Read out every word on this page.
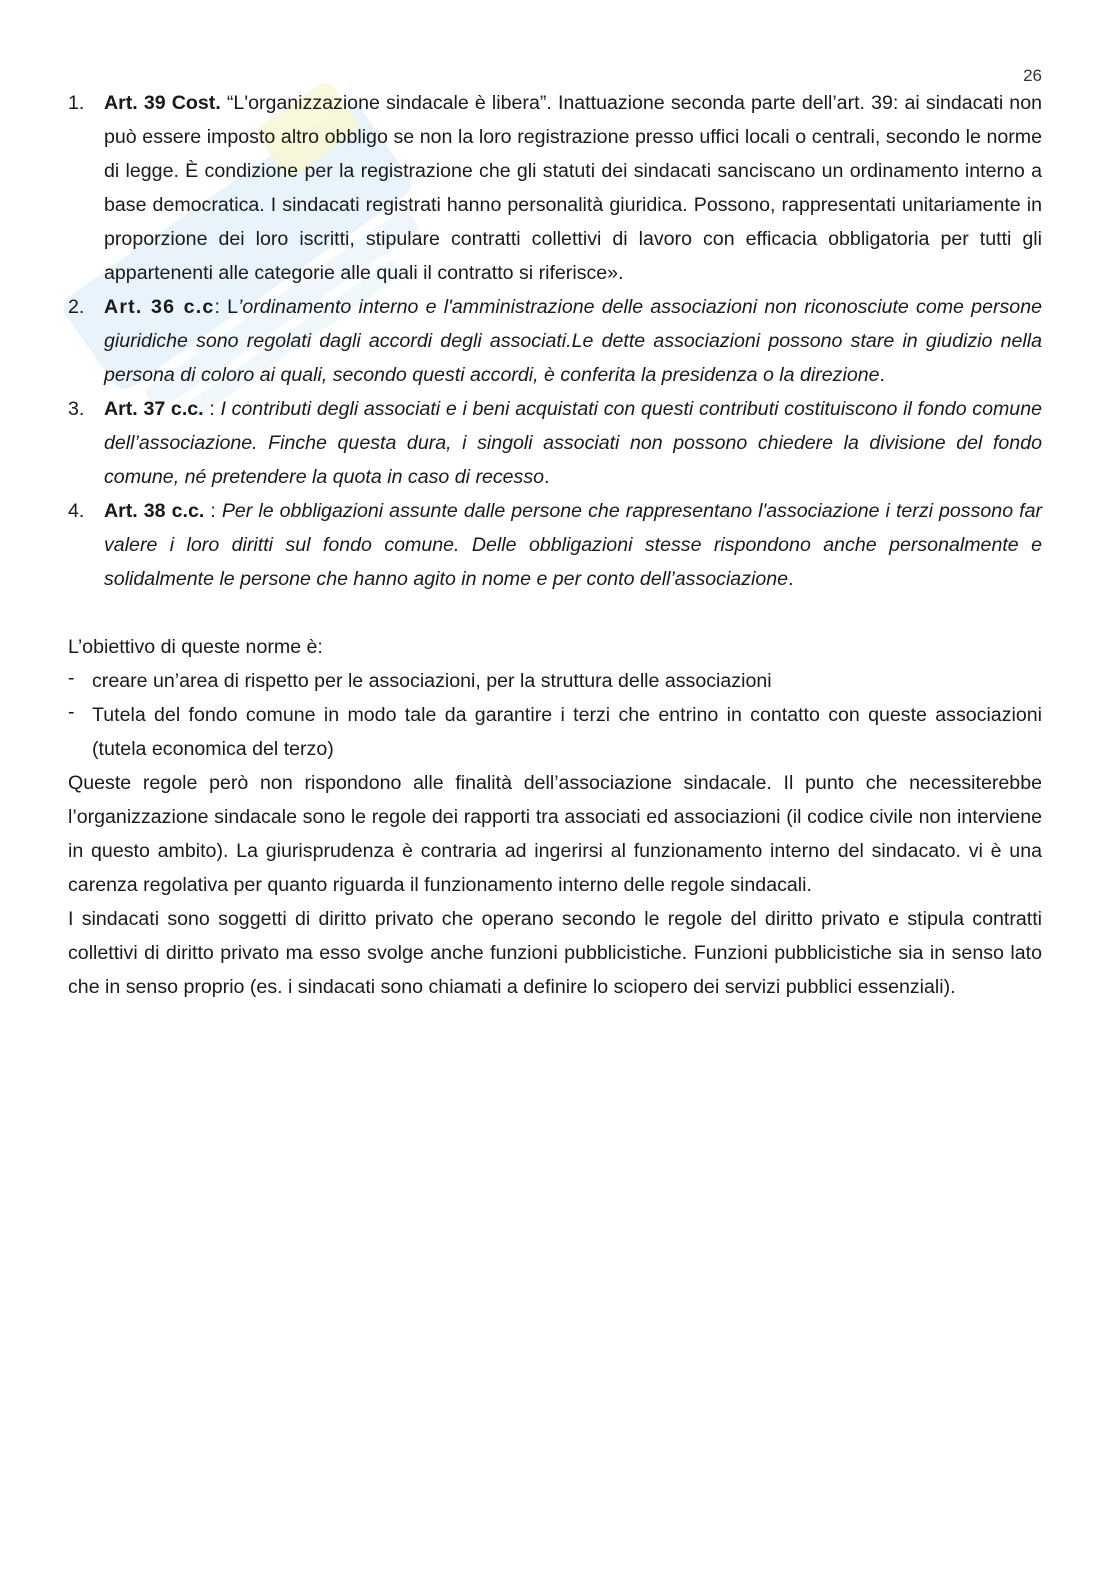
26
1. Art. 39 Cost. “L'organizzazione sindacale è libera”. Inattuazione seconda parte dell’art. 39: ai sindacati non può essere imposto altro obbligo se non la loro registrazione presso uffici locali o centrali, secondo le norme di legge. È condizione per la registrazione che gli statuti dei sindacati sanciscano un ordinamento interno a base democratica. I sindacati registrati hanno personalità giuridica. Possono, rappresentati unitariamente in proporzione dei loro iscritti, stipulare contratti collettivi di lavoro con efficacia obbligatoria per tutti gli appartenenti alle categorie alle quali il contratto si riferisce».
2. Art. 36 c.c: L’ordinamento interno e l'amministrazione delle associazioni non riconosciute come persone giuridiche sono regolati dagli accordi degli associati.Le dette associazioni possono stare in giudizio nella persona di coloro ai quali, secondo questi accordi, è conferita la presidenza o la direzione.
3. Art. 37 c.c. : I contributi degli associati e i beni acquistati con questi contributi costituiscono il fondo comune dell’associazione. Finche questa dura, i singoli associati non possono chiedere la divisione del fondo comune, né pretendere la quota in caso di recesso.
4. Art. 38 c.c. : Per le obbligazioni assunte dalle persone che rappresentano l'associazione i terzi possono far valere i loro diritti sul fondo comune. Delle obbligazioni stesse rispondono anche personalmente e solidalmente le persone che hanno agito in nome e per conto dell’associazione.
L’obiettivo di queste norme è:
- creare un’area di rispetto per le associazioni, per la struttura delle associazioni
- Tutela del fondo comune in modo tale da garantire i terzi che entrino in contatto con queste associazioni (tutela economica del terzo)

Queste regole però non rispondono alle finalità dell’associazione sindacale. Il punto che necessiterebbe l’organizzazione sindacale sono le regole dei rapporti tra associati ed associazioni (il codice civile non interviene in questo ambito). La giurisprudenza è contraria ad ingerirsi al funzionamento interno del sindacato. vi è una carenza regolativa per quanto riguarda il funzionamento interno delle regole sindacali.

I sindacati sono soggetti di diritto privato che operano secondo le regole del diritto privato e stipula contratti collettivi di diritto privato ma esso svolge anche funzioni pubblicistiche. Funzioni pubblicistiche sia in senso lato che in senso proprio (es. i sindacati sono chiamati a definire lo sciopero dei servizi pubblici essenziali).
